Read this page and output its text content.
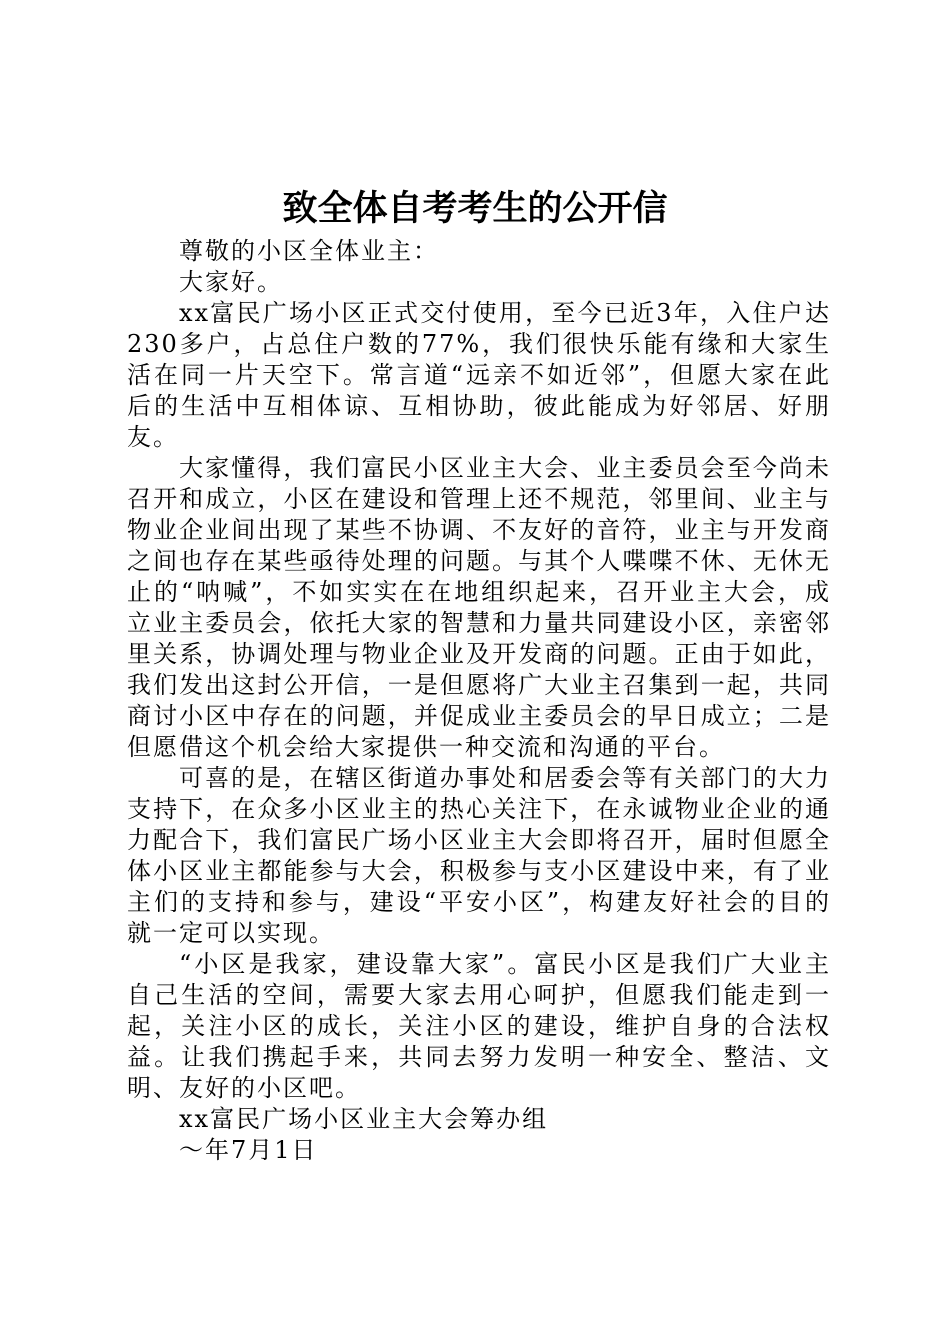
致全体自考考生的公开信

尊敬的小区全体业主：

大家好。

xx富民广场小区正式交付使用，至今已近3年，入住户达230多户，占总住户数的77%，我们很快乐能有缘和大家生活在同一片天空下。常言道“远亲不如近邻”，但愿大家在此后的生活中互相体谅、互相协助，彼此能成为好邻居、好朋友。

大家懂得，我们富民小区业主大会、业主委员会至今尚未召开和成立，小区在建设和管理上还不规范，邻里间、业主与物业企业间出现了某些不协调、不友好的音符，业主与开发商之间也存在某些亟待处理的问题。与其个人喋喋不休、无休无止的“呐喊”，不如实实在在地组织起来，召开业主大会，成立业主委员会，依托大家的智慧和力量共同建设小区，亲密邻里关系，协调处理与物业企业及开发商的问题。正由于如此，我们发出这封公开信，一是但愿将广大业主召集到一起，共同商讨小区中存在的问题，并促成业主委员会的早日成立；二是但愿借这个机会给大家提供一种交流和沟通的平台。

可喜的是，在辖区街道办事处和居委会等有关部门的大力支持下，在众多小区业主的热心关注下，在永诚物业企业的通力配合下，我们富民广场小区业主大会即将召开，届时但愿全体小区业主都能参与大会，积极参与支小区建设中来，有了业主们的支持和参与，建设“平安小区”，构建友好社会的目的就一定可以实现。

“小区是我家，建设靠大家”。富民小区是我们广大业主自己生活的空间，需要大家去用心呵护，但愿我们能走到一起，关注小区的成长，关注小区的建设，维护自身的合法权益。让我们携起手来，共同去努力发明一种安全、整洁、文明、友好的小区吧。

xx富民广场小区业主大会筹办组

～年7月1日
